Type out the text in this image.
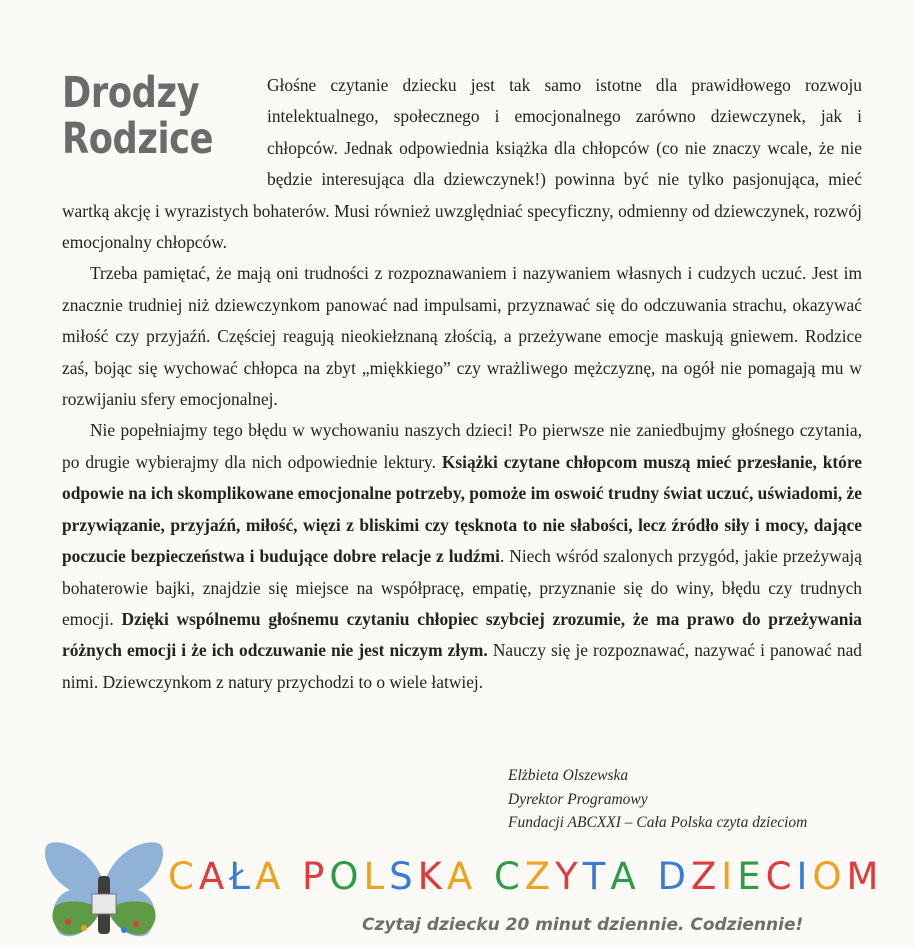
Drodzy
Rodzice

Głośne czytanie dziecku jest tak samo istotne dla prawidłowego rozwoju intelektualnego, społecznego i emocjonalnego zarówno dziewczynek, jak i chłopców. Jednak odpowiednia książka dla chłopców (co nie znaczy wcale, że nie będzie interesująca dla dziewczynek!) powinna być nie tylko pasjonująca, mieć wartką akcję i wyrazistych bohaterów. Musi również uwzględniać specyficzny, odmienny od dziewczynek, rozwój emocjonalny chłopców.

Trzeba pamiętać, że mają oni trudności z rozpoznawaniem i nazywaniem własnych i cudzych uczuć. Jest im znacznie trudniej niż dziewczynkom panować nad impulsami, przyznawać się do odczuwania strachu, okazywać miłość czy przyjaźń. Częściej reagują nieokiełznaną złością, a przeżywane emocje maskują gniewem. Rodzice zaś, bojąc się wychować chłopca na zbyt „miękkiego” czy wrażliwego mężczyznę, na ogół nie pomagają mu w rozwijaniu sfery emocjonalnej.

Nie popełniajmy tego błędu w wychowaniu naszych dzieci! Po pierwsze nie zaniedbujmy głośnego czytania, po drugie wybierajmy dla nich odpowiednie lektury. Książki czytane chłopcom muszą mieć przesłanie, które odpowie na ich skomplikowane emocjonalne potrzeby, pomoże im oswoić trudny świat uczuć, uświadomi, że przywiązanie, przyjaźń, miłość, więzi z bliskimi czy tęsknota to nie słabości, lecz źródło siły i mocy, dające poczucie bezpieczeństwa i budujące dobre relacje z ludźmi. Niech wśród szalonych przygód, jakie przeżywają bohaterowie bajki, znajdzie się miejsce na współpracę, empatię, przyznanie się do winy, błędu czy trudnych emocji. Dzięki wspólnemu głośnemu czytaniu chłopiec szybciej zrozumie, że ma prawo do przeżywania różnych emocji i że ich odczuwanie nie jest niczym złym. Nauczy się je rozpoznawać, nazywać i panować nad nimi. Dziewczynkom z natury przychodzi to o wiele łatwiej.

Elżbieta Olszewska
Dyrektor Programowy
Fundacji ABCXXI – Cała Polska czyta dzieciom
CAŁA POLSKA CZYTA DZIECIOM
Czytaj dziecku 20 minut dziennie. Codziennie!
